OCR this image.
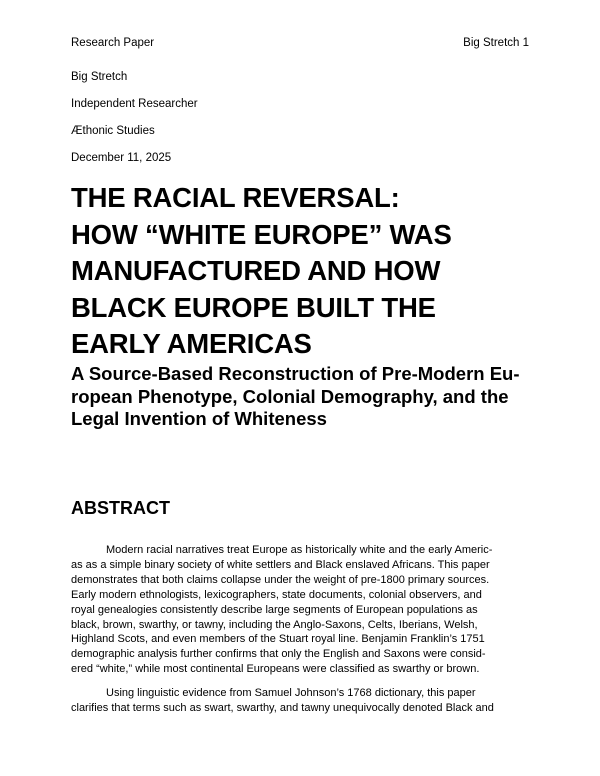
Research Paper	Big Stretch 1
Big Stretch
Independent Researcher
Æthonic Studies
December 11, 2025
THE RACIAL REVERSAL:
HOW “WHITE EUROPE” WAS
MANUFACTURED AND HOW
BLACK EUROPE BUILT THE
EARLY AMERICAS
A Source-Based Reconstruction of Pre-Modern Eu-
ropean Phenotype, Colonial Demography, and the
Legal Invention of Whiteness
ABSTRACT

Modern racial narratives treat Europe as historically white and the early Americ-
as as a simple binary society of white settlers and Black enslaved Africans. This paper
demonstrates that both claims collapse under the weight of pre-1800 primary sources.
Early modern ethnologists, lexicographers, state documents, colonial observers, and
royal genealogies consistently describe large segments of European populations as
black, brown, swarthy, or tawny, including the Anglo-Saxons, Celts, Iberians, Welsh,
Highland Scots, and even members of the Stuart royal line. Benjamin Franklin’s 1751
demographic analysis further confirms that only the English and Saxons were consid-
ered “white,” while most continental Europeans were classified as swarthy or brown.

Using linguistic evidence from Samuel Johnson’s 1768 dictionary, this paper
clarifies that terms such as swart, swarthy, and tawny unequivocally denoted Black and
